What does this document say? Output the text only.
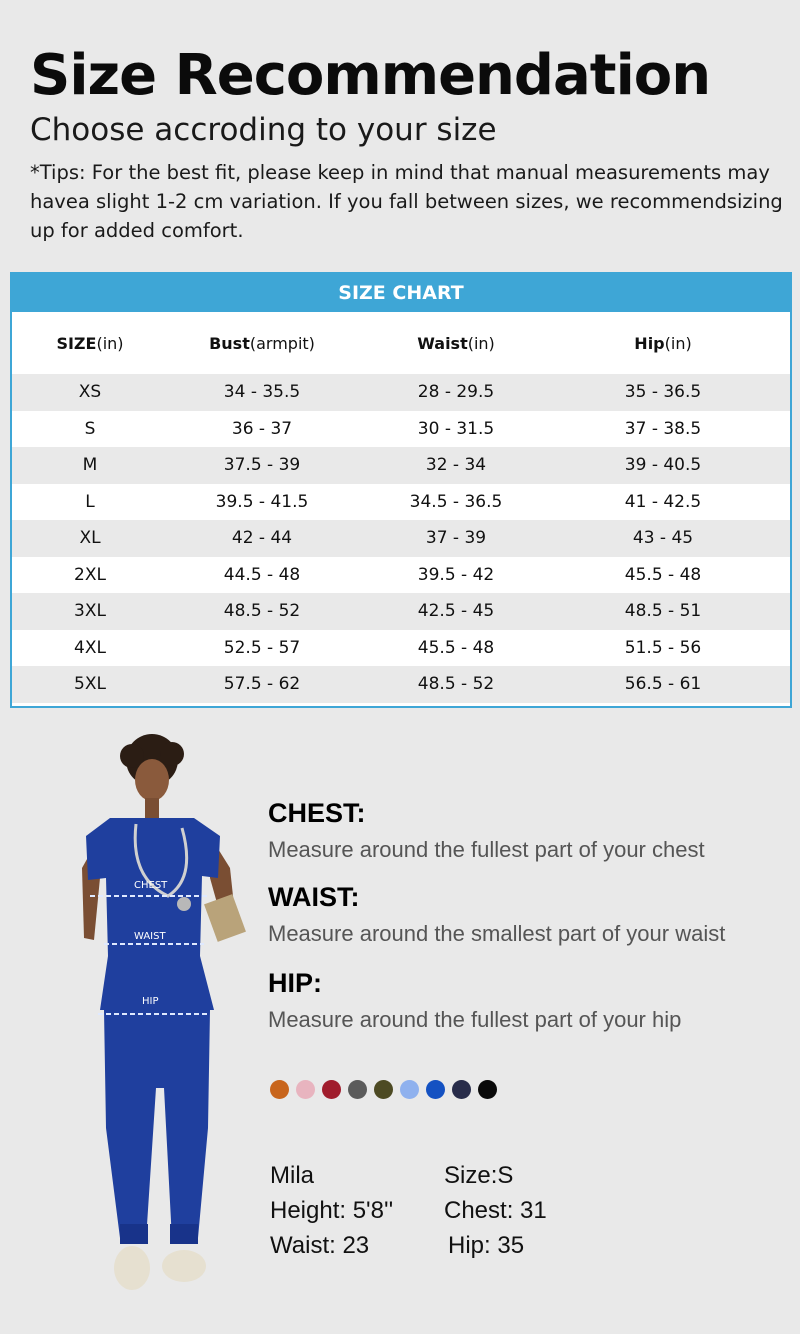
Size Recommendation

Choose accroding to your size

*Tips: For the best fit, please keep in mind that manual measurements may havea slight 1-2 cm variation. If you fall between sizes, we recommendsizing up for added comfort.

SIZE CHART
SIZE(in)	Bust(armpit)	Waist(in)	Hip(in)
XS	34 - 35.5	28 - 29.5	35 - 36.5
S	36 - 37	30 - 31.5	37 - 38.5
M	37.5 - 39	32 - 34	39 - 40.5
L	39.5 - 41.5	34.5 - 36.5	41 - 42.5
XL	42 - 44	37 - 39	43 - 45
2XL	44.5 - 48	39.5 - 42	45.5 - 48
3XL	48.5 - 52	42.5 - 45	48.5 - 51
4XL	52.5 - 57	45.5 - 48	51.5 - 56
5XL	57.5 - 62	48.5 - 52	56.5 - 61
CHEST
WAIST
HIP
CHEST:

Measure around the fullest part of your chest

WAIST:

Measure around the smallest part of your waist

HIP:

Measure around the fullest part of your hip

Mila	Size:S
Height: 5'8''	Chest: 31
Waist: 23	Hip: 35
